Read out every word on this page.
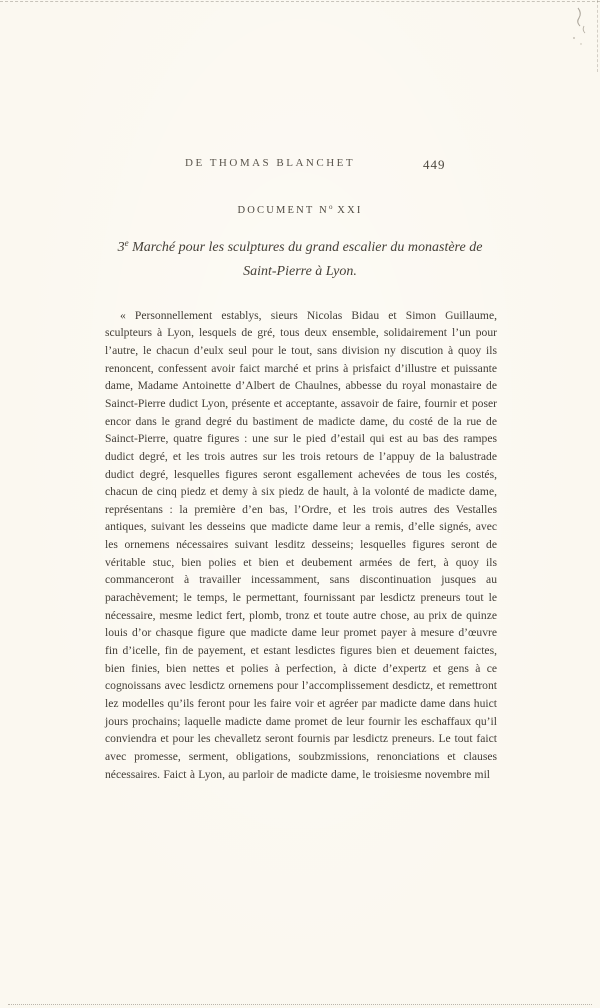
DE THOMAS BLANCHET	449
DOCUMENT $N^o$ XXI
3e Marché pour les sculptures du grand escalier du monastère de Saint-Pierre à Lyon.

« Personnellement establys, sieurs Nicolas Bidau et Simon Guillaume, sculpteurs à Lyon, lesquels de gré, tous deux ensemble, solidairement l’un pour l’autre, le chacun d’eulx seul pour le tout, sans division ny discution à quoy ils renoncent, confessent avoir faict marché et prins à prisfaict d’illustre et puissante dame, Madame Antoinette d’Albert de Chaulnes, abbesse du royal monastaire de Sainct-Pierre dudict Lyon, présente et acceptante, assavoir de faire, fournir et poser encor dans le grand degré du bastiment de madicte dame, du costé de la rue de Sainct-Pierre, quatre figures : une sur le pied d’estail qui est au bas des rampes dudict degré, et les trois autres sur les trois retours de l’appuy de la balustrade dudict degré, lesquelles figures seront esgallement achevées de tous les costés, chacun de cinq piedz et demy à six piedz de hault, à la volonté de madicte dame, représentans : la première d’en bas, l’Ordre, et les trois autres des Vestalles antiques, suivant les desseins que madicte dame leur a remis, d’elle signés, avec les ornemens nécessaires suivant lesditz desseins; lesquelles figures seront de véritable stuc, bien polies et bien et deubement armées de fert, à quoy ils commanceront à travailler incessamment, sans discontinuation jusques au parachèvement; le temps, le permettant, fournissant par lesdictz preneurs tout le nécessaire, mesme ledict fert, plomb, tronz et toute autre chose, au prix de quinze louis d’or chasque figure que madicte dame leur promet payer à mesure d’œuvre fin d’icelle, fin de payement, et estant lesdictes figures bien et deuement faictes, bien finies, bien nettes et polies à perfection, à dicte d’expertz et gens à ce cognoissans avec lesdictz ornemens pour l’accomplissement desdictz, et remettront lez modelles qu’ils feront pour les faire voir et agréer par madicte dame dans huict jours prochains; laquelle madicte dame promet de leur fournir les eschaffaux qu’il conviendra et pour les chevalletz seront fournis par lesdictz preneurs. Le tout faict avec promesse, serment, obligations, soubzmissions, renonciations et clauses nécessaires. Faict à Lyon, au parloir de madicte dame, le troisiesme novembre mil
